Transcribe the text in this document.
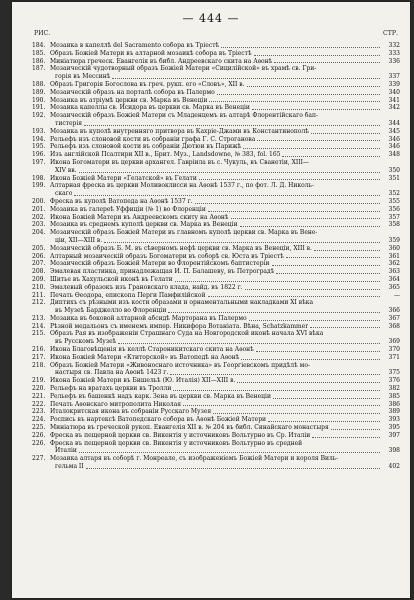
— 444 —
РИС.	СТР.
184. Мозаика в капеллѣ del Sacramento собора въ Тріестѣ	332
185. Образъ Божіей Матери въ алтарной мозаикѣ собора въ Тріестѣ	333
186. Миніатюра греческ. Евангелія въ библ. Андреевскаго скита на Аѳонѣ	336
187. Мозаическій чудотворный образъ Божіей Матери «Сицилійской» въ храмѣ св. Гри-
горія въ Мессинѣ	337
188. Образъ Григорія Богослова въ греч. рукп. его «Словъ», XII в.	339
189. Мозаическій образъ на порталѣ собора въ Палермо	340
190. Мозаика въ атріумѣ церкви св. Марка въ Венеціи	341
191. Мозаика капеллы св. Исидора въ церкви св. Марка въ Венеціи	342
192. Мозаическій образъ Божіей Матери съ Младенцемъ въ алтарѣ Флорентійскаго бап-
тистерія	344
193. Мозаика въ куполѣ внутренняго притвора въ Кахріе-Джами въ Константинополѣ	345
194. Рельефъ изъ слоновой кости въ собраніи графа Г. С. Строганова	346
195. Рельефъ изъ слоновой кости въ собраніи Дютюи въ Парижѣ	346
196. Изъ англійской Псалтири XII в., Брит. Муз., Landsdowne, № 383, fol. 165	348
197. Икона Богоматери въ церкви архангел. Гавріила въ с. Чукуль, въ Сванетіи, XIII—
XIV вв.	350
198. Икона Божіей Матери «Гелатской» въ Гелати	351
199. Алтарная фреска въ церкви Моливоклисси на Аѳонѣ 1537 г., по фот. Л. Д. Николь-
скаго	352
200. Фреска въ куполѣ Ватопеда на Аѳонѣ 1537 г.	355
201. Мозаика въ галереѣ Уффиціи (№ 1) во Флоренціи	356
202. Икона Божіей Матери въ Андреевскомъ скиту на Аѳонѣ	357
203. Мозаика въ среднемъ куполѣ церкви св. Марка въ Венеціи	358
204. Мозаическій образъ Божіей Матери въ главномъ куполѣ церкви св. Марка въ Вене-
ціи, XII—XIII в.	359
205. Мозаическій образъ Б. М. въ сѣверномъ нефѣ церкви св. Марка въ Венеціи, XIII в.	360
206. Алтарный мозаическій образъ Богоматери въ соборѣ св. Юста въ Тріестѣ	361
207. Мозаическій образъ Божіей Матери во Флорентійскомъ баптистеріи	362
208. Эмалевая пластинка, принадлежащая И. П. Балашеву, въ Петроградѣ	363
209. Шитье въ Хахульской иконѣ въ Гелати	364
210. Эмалевый образокъ изъ Грановскаго клада, найд. въ 1822 г.	365
211. Печать Ѳеодора, епископа Перги Памфилійской	—
212. Диптихъ съ рѣзными изъ кости образами и орнаментальными накладками XI вѣка
въ Музеѣ Барджелло во Флоренціи	366
213. Мозаика въ боковой алтарной абсидѣ Марторана въ Палермо	367
214. Рѣзной медальонъ съ именемъ импер. Никифора Вотаніата. Вѣна, Schatzkammer	368
215. Образъ Рая въ изображеніи Страшнаго Суда на Новгородской иконѣ начала XVI вѣка
въ Русскомъ Музеѣ	369
216. Икона Благовѣщенія въ келлѣ Староникитскаго скита на Аѳонѣ	370
217. Икона Божіей Матери «Ктиторской» въ Ватопедѣ на Аѳонѣ	371
218. Образъ Божіей Матери «Живоноснаго источника» въ Георгіевскомъ придѣлѣ мо-
настыря св. Павла на Аѳонѣ 1423 г.	375
219. Икона Божіей Матери въ Бишельѣ (Ю. Италія) XII—XIII в.	376
220. Рельефъ на вратахъ церкви въ Тролли	382
221. Рельефъ въ башенкѣ надъ карк. Зена въ церкви св. Марка въ Венеціи	385
222. Печать Аѳонскаго митрополита Николая	386
223. Италокритская икона въ собраніи Русскаго Музея	389
224. Роспись въ нартексѣ Ватопедскаго собора въ Аѳонѣ Божіей Матери	393
225. Миніатюра въ греческой рукоп. Евангелія XII в. № 204 въ библ. Синайскаго монастыря	395
226. Фреска въ пещерной церкви св. Викентія у источниковъ Вольтурно въ Ср. Италіи	397
226. Фреска въ пещерной церкви св. Викентія у источниковъ Вольтурно въ средней
Италіи	398
227. Мозаика алтаря въ соборѣ г. Монреале, съ изображеніемъ Божіей Матери и короля Виль-
гельма II	402
